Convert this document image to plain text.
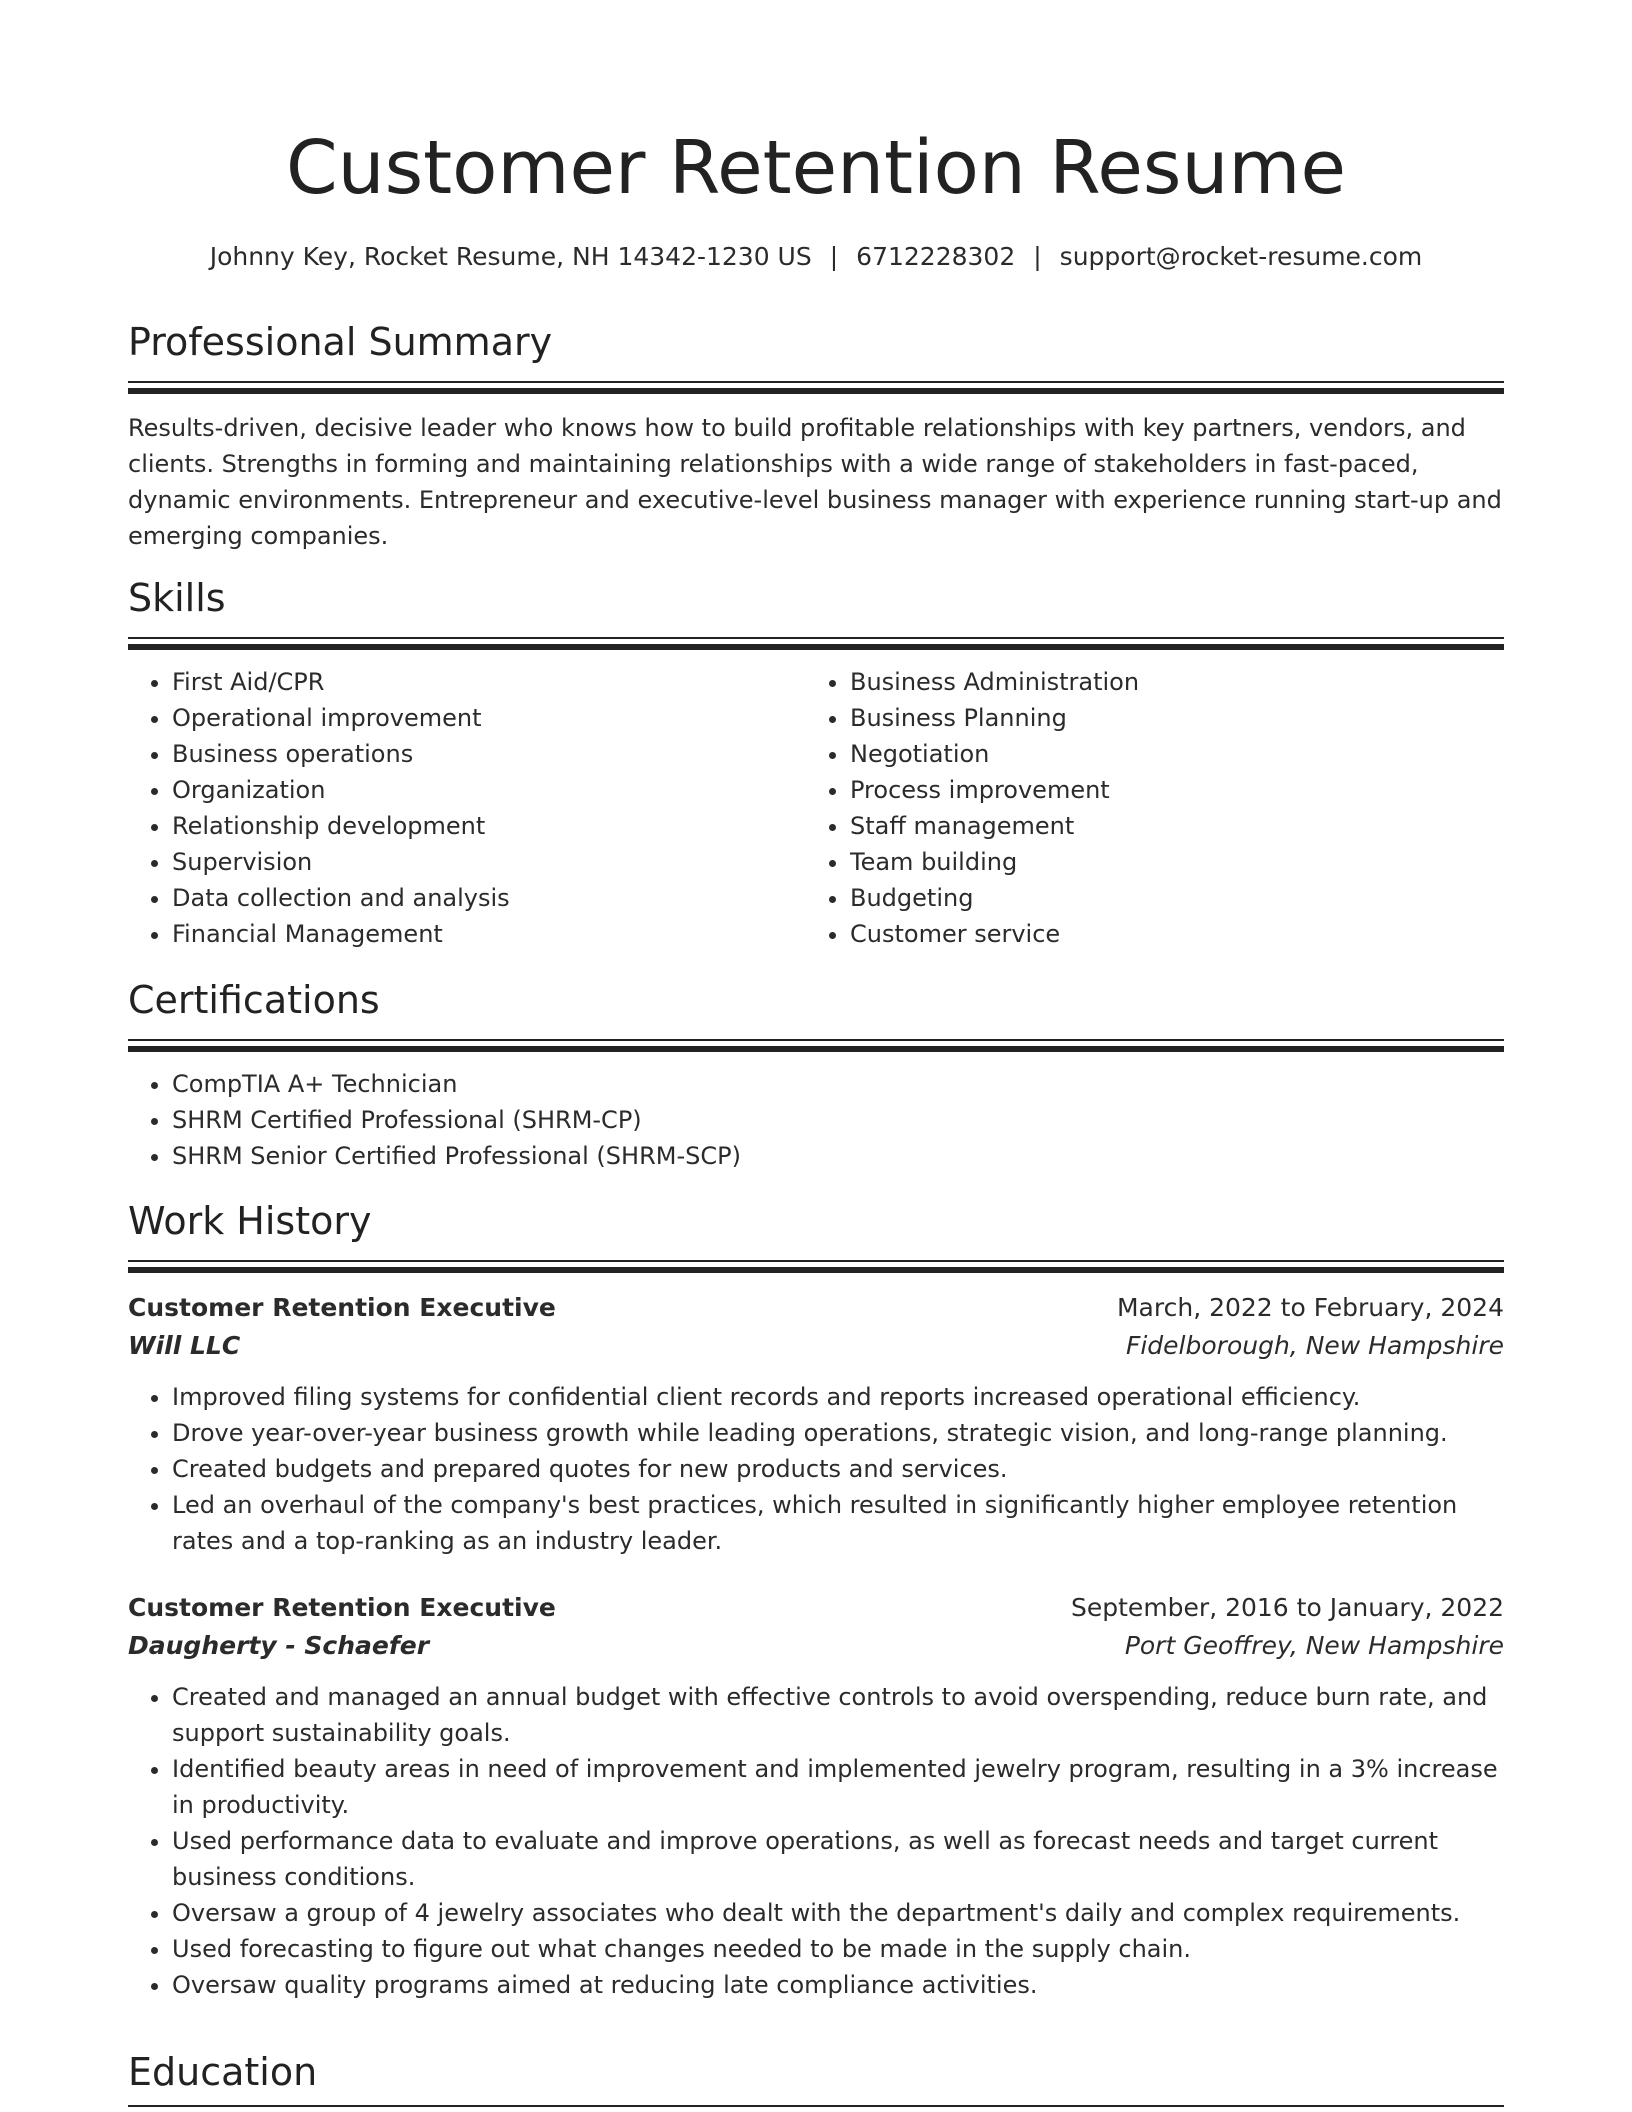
Customer Retention Resume
Johnny Key, Rocket Resume, NH 14342-1230 US | 6712228302 | support@rocket-resume.com
Professional Summary

Results-driven, decisive leader who knows how to build profitable relationships with key partners, vendors, and clients. Strengths in forming and maintaining relationships with a wide range of stakeholders in fast-paced, dynamic environments. Entrepreneur and executive-level business manager with experience running start-up and emerging companies.

Skills
• First Aid/CPR
• Operational improvement
• Business operations
• Organization
• Relationship development
• Supervision
• Data collection and analysis
• Financial Management
• Business Administration
• Business Planning
• Negotiation
• Process improvement
• Staff management
• Team building
• Budgeting
• Customer service
Certifications
• CompTIA A+ Technician
• SHRM Certified Professional (SHRM-CP)
• SHRM Senior Certified Professional (SHRM-SCP)
Work History
Customer Retention Executive	March, 2022 to February, 2024
Will LLC	Fidelborough, New Hampshire
• Improved filing systems for confidential client records and reports increased operational efficiency.
• Drove year-over-year business growth while leading operations, strategic vision, and long-range planning.
• Created budgets and prepared quotes for new products and services.
• Led an overhaul of the company's best practices, which resulted in significantly higher employee retention rates and a top-ranking as an industry leader.
Customer Retention Executive	September, 2016 to January, 2022
Daugherty - Schaefer	Port Geoffrey, New Hampshire
• Created and managed an annual budget with effective controls to avoid overspending, reduce burn rate, and support sustainability goals.
• Identified beauty areas in need of improvement and implemented jewelry program, resulting in a 3% increase in productivity.
• Used performance data to evaluate and improve operations, as well as forecast needs and target current business conditions.
• Oversaw a group of 4 jewelry associates who dealt with the department's daily and complex requirements.
• Used forecasting to figure out what changes needed to be made in the supply chain.
• Oversaw quality programs aimed at reducing late compliance activities.
Education
